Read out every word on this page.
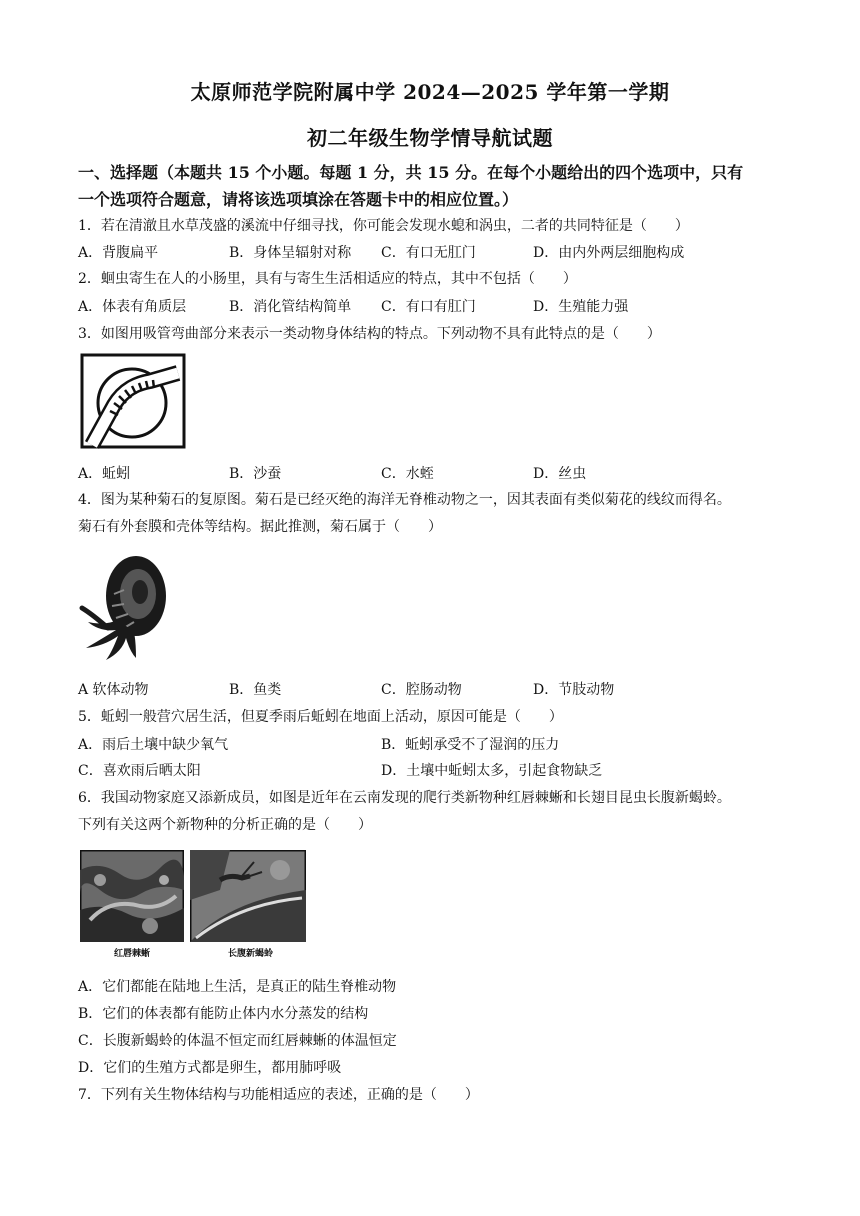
太原师范学院附属中学 2024—2025 学年第一学期
初二年级生物学情导航试题
一、选择题（本题共 15 个小题。每题 1 分，共 15 分。在每个小题给出的四个选项中，只有
一个选项符合题意，请将该选项填涂在答题卡中的相应位置。）
1．若在清澈且水草茂盛的溪流中仔细寻找，你可能会发现水螅和涡虫，二者的共同特征是（　　）
A．背腹扁平	B．身体呈辐射对称 C．有口无肛门	D．由内外两层细胞构成
2．蛔虫寄生在人的小肠里，具有与寄生生活相适应的特点，其中不包括（　　）
A．体表有角质层	B．消化管结构简单 C．有口有肛门	D．生殖能力强
3．如图用吸管弯曲部分来表示一类动物身体结构的特点。下列动物不具有此特点的是（　　）
A．蚯蚓	B．沙蚕	C．水蛭	D．丝虫
4．图为某种菊石的复原图。菊石是已经灭绝的海洋无脊椎动物之一，因其表面有类似菊花的线纹而得名。
菊石有外套膜和壳体等结构。据此推测，菊石属于（　　）
A 软体动物	B．鱼类	C．腔肠动物	D．节肢动物
5．蚯蚓一般营穴居生活，但夏季雨后蚯蚓在地面上活动，原因可能是（　　）
A．雨后土壤中缺少氧气	B．蚯蚓承受不了湿润的压力
C．喜欢雨后晒太阳	D．土壤中蚯蚓太多，引起食物缺乏
6．我国动物家庭又添新成员，如图是近年在云南发现的爬行类新物种红唇棘蜥和长翅目昆虫长腹新蝎蛉。
下列有关这两个新物种的分析正确的是（　　）
红唇棘蜥	长腹新蝎蛉
A．它们都能在陆地上生活，是真正的陆生脊椎动物
B．它们的体表都有能防止体内水分蒸发的结构
C．长腹新蝎蛉的体温不恒定而红唇棘蜥的体温恒定
D．它们的生殖方式都是卵生，都用肺呼吸
7．下列有关生物体结构与功能相适应的表述，正确的是（　　）
